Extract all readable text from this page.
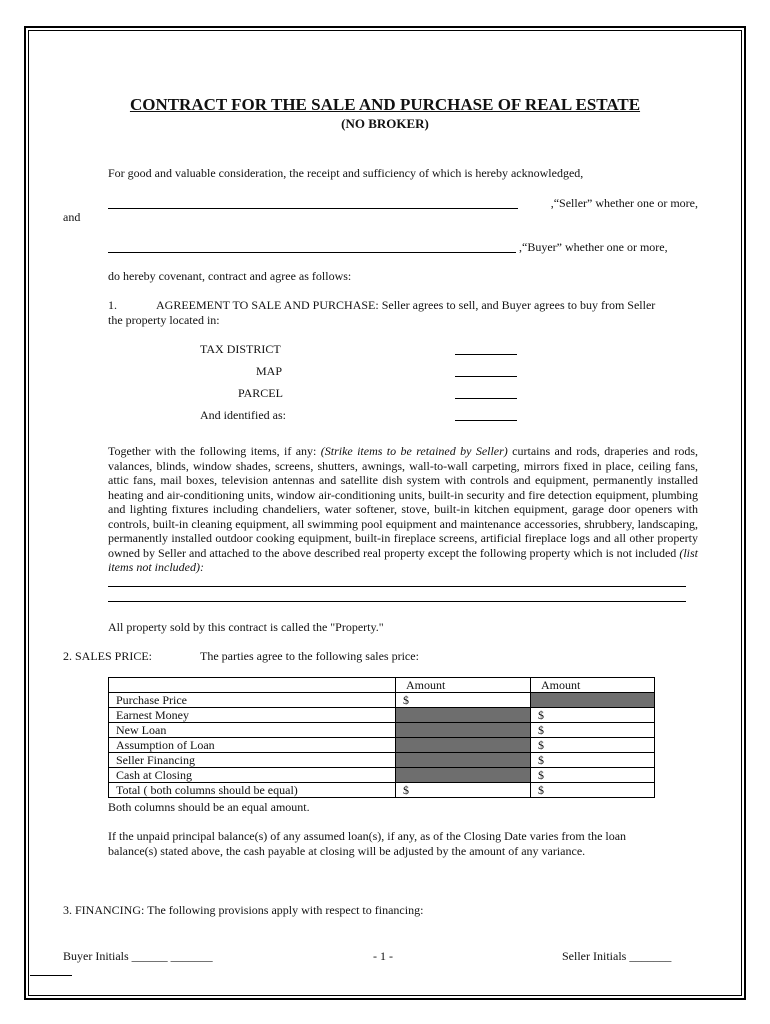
CONTRACT FOR THE SALE AND PURCHASE OF REAL ESTATE
(NO BROKER)
For good and valuable consideration, the receipt and sufficiency of which is hereby acknowledged,
,“Seller” whether one or more,
and
,“Buyer” whether one or more,
do hereby covenant, contract and agree as follows:
1.	AGREEMENT TO SALE AND PURCHASE: Seller agrees to sell, and Buyer agrees to buy from Seller
the property located in:
TAX DISTRICT
MAP
PARCEL
And identified as:
Together with the following items, if any: (Strike items to be retained by Seller) curtains and rods, draperies and rods, valances, blinds, window shades, screens, shutters, awnings, wall-to-wall carpeting, mirrors fixed in place, ceiling fans, attic fans, mail boxes, television antennas and satellite dish system with controls and equipment, permanently installed heating and air-conditioning units, window air-conditioning units, built-in security and fire detection equipment, plumbing and lighting fixtures including chandeliers, water softener, stove, built-in kitchen equipment, garage door openers with controls, built-in cleaning equipment, all swimming pool equipment and maintenance accessories, shrubbery, landscaping, permanently installed outdoor cooking equipment, built-in fireplace screens, artificial fireplace logs and all other property owned by Seller and attached to the above described real property except the following property which is not included (list items not included):
All property sold by this contract is called the "Property."
2. SALES PRICE:	The parties agree to the following sales price:
	Amount	Amount
Purchase Price	$	
Earnest Money		$
New Loan		$
Assumption of Loan		$
Seller Financing		$
Cash at Closing		$
Total ( both columns should be equal)	$	$
Both columns should be an equal amount.
If the unpaid principal balance(s) of any assumed loan(s), if any, as of the Closing Date varies from the loan balance(s) stated above, the cash payable at closing will be adjusted by the amount of any variance.
3. FINANCING: The following provisions apply with respect to financing:
Buyer Initials ______ _______	- 1 -	Seller Initials _______
